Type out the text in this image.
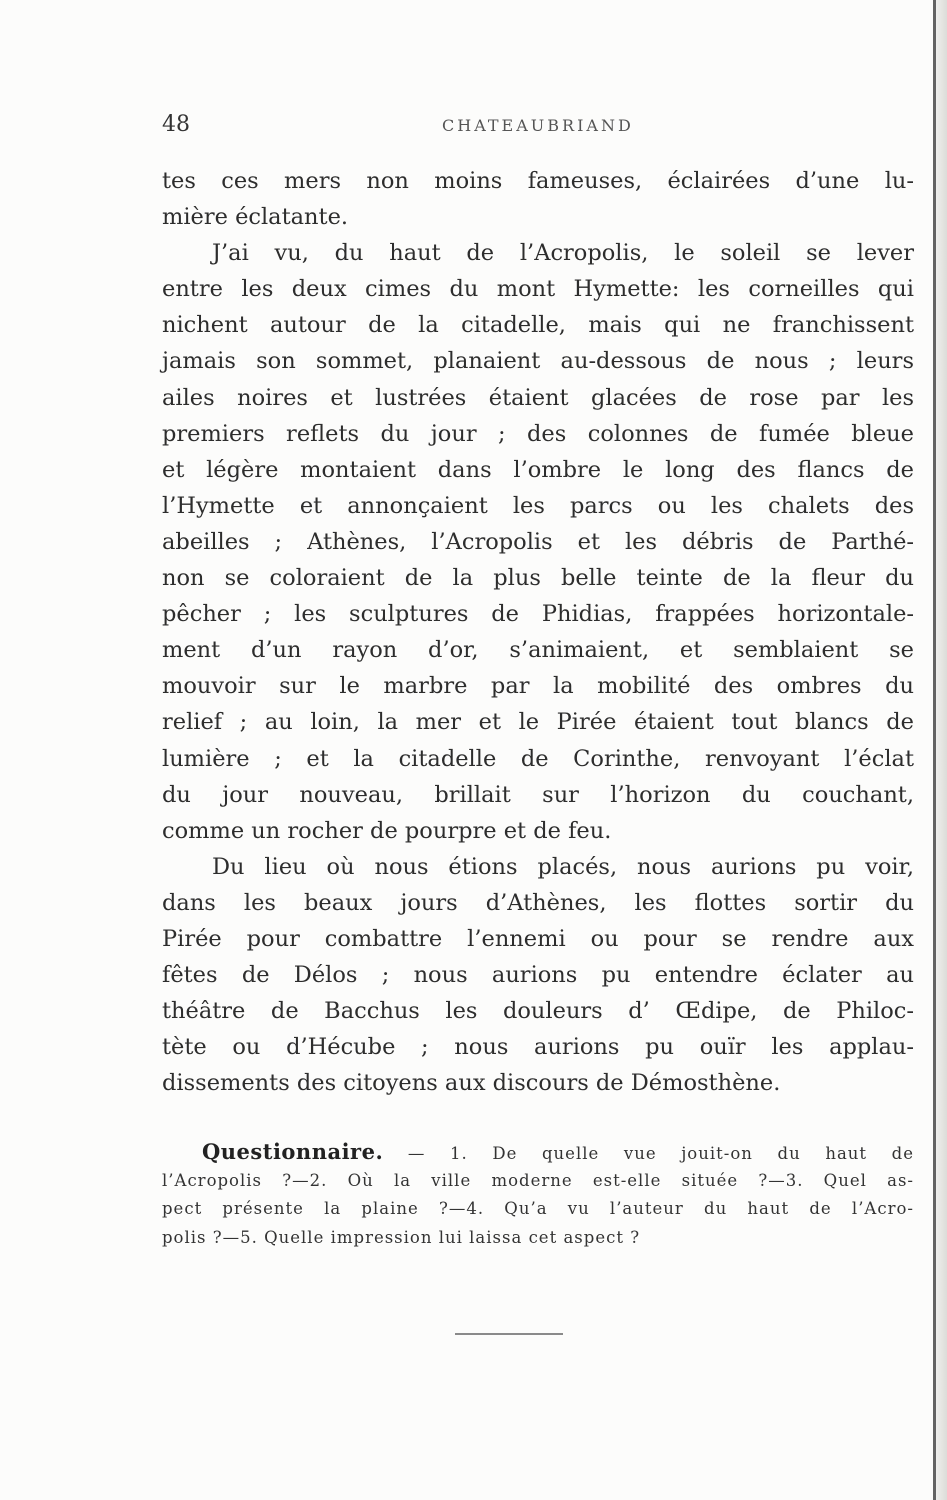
48	CHATEAUBRIAND
tes ces mers non moins fameuses, éclairées d’une lu-
mière éclatante.
J’ai vu, du haut de l’Acropolis, le soleil se lever
entre les deux cimes du mont Hymette: les corneilles qui
nichent autour de la citadelle, mais qui ne franchissent
jamais son sommet, planaient au-dessous de nous ; leurs
ailes noires et lustrées étaient glacées de rose par les
premiers reflets du jour ; des colonnes de fumée bleue
et légère montaient dans l’ombre le long des flancs de
l’Hymette et annonçaient les parcs ou les chalets des
abeilles ; Athènes, l’Acropolis et les débris de Parthé-
non se coloraient de la plus belle teinte de la fleur du
pêcher ; les sculptures de Phidias, frappées horizontale-
ment d’un rayon d’or, s’animaient, et semblaient se
mouvoir sur le marbre par la mobilité des ombres du
relief ; au loin, la mer et le Pirée étaient tout blancs de
lumière ; et la citadelle de Corinthe, renvoyant l’éclat
du jour nouveau, brillait sur l’horizon du couchant,
comme un rocher de pourpre et de feu.
Du lieu où nous étions placés, nous aurions pu voir,
dans les beaux jours d’Athènes, les flottes sortir du
Pirée pour combattre l’ennemi ou pour se rendre aux
fêtes de Délos ; nous aurions pu entendre éclater au
théâtre de Bacchus les douleurs d’ Œdipe, de Philoc-
tète ou d’Hécube ; nous aurions pu ouïr les applau-
dissements des citoyens aux discours de Démosthène.
Questionnaire. — 1. De quelle vue jouit-on du haut de
l’Acropolis ?—2. Où la ville moderne est-elle située ?—3. Quel as-
pect présente la plaine ?—4. Qu’a vu l’auteur du haut de l’Acro-
polis ?—5. Quelle impression lui laissa cet aspect ?
